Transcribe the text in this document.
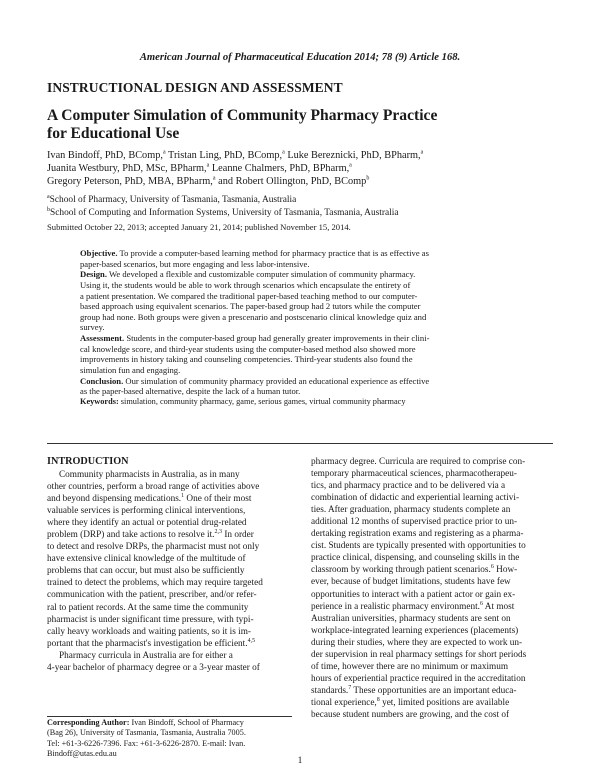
American Journal of Pharmaceutical Education 2014; 78 (9) Article 168.
INSTRUCTIONAL DESIGN AND ASSESSMENT
A Computer Simulation of Community Pharmacy Practice
for Educational Use
Ivan Bindoff, PhD, BComp,$^a$ Tristan Ling, PhD, BComp,$^a$ Luke Bereznicki, PhD, BPharm,$^a$
Juanita Westbury, PhD, MSc, BPharm,$^a$ Leanne Chalmers, PhD, BPharm,$^a$
Gregory Peterson, PhD, MBA, BPharm,$^a$ and Robert Ollington, PhD, BComp$^b$
$^a$School of Pharmacy, University of Tasmania, Tasmania, Australia
$^b$School of Computing and Information Systems, University of Tasmania, Tasmania, Australia
Submitted October 22, 2013; accepted January 21, 2014; published November 15, 2014.
Objective. To provide a computer-based learning method for pharmacy practice that is as effective as
paper-based scenarios, but more engaging and less labor-intensive.
Design. We developed a flexible and customizable computer simulation of community pharmacy.
Using it, the students would be able to work through scenarios which encapsulate the entirety of
a patient presentation. We compared the traditional paper-based teaching method to our computer-
based approach using equivalent scenarios. The paper-based group had 2 tutors while the computer
group had none. Both groups were given a prescenario and postscenario clinical knowledge quiz and
survey.
Assessment. Students in the computer-based group had generally greater improvements in their clini-
cal knowledge score, and third-year students using the computer-based method also showed more
improvements in history taking and counseling competencies. Third-year students also found the
simulation fun and engaging.
Conclusion. Our simulation of community pharmacy provided an educational experience as effective
as the paper-based alternative, despite the lack of a human tutor.
Keywords: simulation, community pharmacy, game, serious games, virtual community pharmacy
INTRODUCTION
Community pharmacists in Australia, as in many
other countries, perform a broad range of activities above
and beyond dispensing medications.$^1$ One of their most
valuable services is performing clinical interventions,
where they identify an actual or potential drug-related
problem (DRP) and take actions to resolve it.$^{2,3}$ In order
to detect and resolve DRPs, the pharmacist must not only
have extensive clinical knowledge of the multitude of
problems that can occur, but must also be sufficiently
trained to detect the problems, which may require targeted
communication with the patient, prescriber, and/or refer-
ral to patient records. At the same time the community
pharmacist is under significant time pressure, with typi-
cally heavy workloads and waiting patients, so it is im-
portant that the pharmacist's investigation be efficient.$^{4,5}$
Pharmacy curricula in Australia are for either a
4-year bachelor of pharmacy degree or a 3-year master of
pharmacy degree. Curricula are required to comprise con-
temporary pharmaceutical sciences, pharmacotherapeu-
tics, and pharmacy practice and to be delivered via a
combination of didactic and experiential learning activi-
ties. After graduation, pharmacy students complete an
additional 12 months of supervised practice prior to un-
dertaking registration exams and registering as a pharma-
cist. Students are typically presented with opportunities to
practice clinical, dispensing, and counseling skills in the
classroom by working through patient scenarios.$^6$ How-
ever, because of budget limitations, students have few
opportunities to interact with a patient actor or gain ex-
perience in a realistic pharmacy environment.$^6$ At most
Australian universities, pharmacy students are sent on
workplace-integrated learning experiences (placements)
during their studies, where they are expected to work un-
der supervision in real pharmacy settings for short periods
of time, however there are no minimum or maximum
hours of experiential practice required in the accreditation
standards.$^7$ These opportunities are an important educa-
tional experience,$^8$ yet, limited positions are available
because student numbers are growing, and the cost of
Corresponding Author: Ivan Bindoff, School of Pharmacy
(Bag 26), University of Tasmania, Tasmania, Australia 7005.
Tel: +61-3-6226-7396. Fax: +61-3-6226-2870. E-mail: Ivan.
Bindoff@utas.edu.au
1
